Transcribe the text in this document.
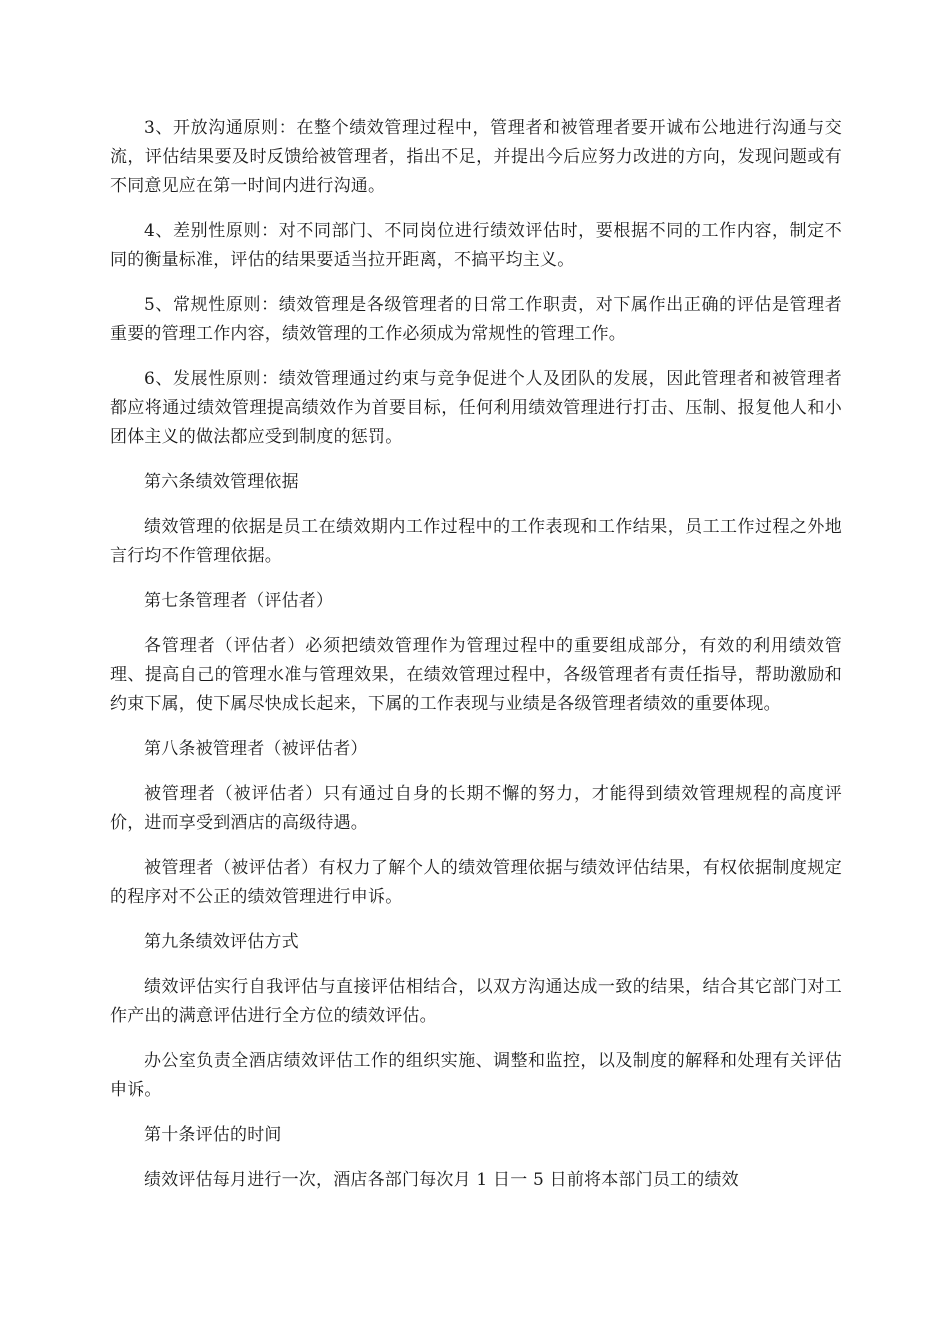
3、开放沟通原则：在整个绩效管理过程中，管理者和被管理者要开诚布公地进行沟通与交流，评估结果要及时反馈给被管理者，指出不足，并提出今后应努力改进的方向，发现问题或有不同意见应在第一时间内进行沟通。

4、差别性原则：对不同部门、不同岗位进行绩效评估时，要根据不同的工作内容，制定不同的衡量标准，评估的结果要适当拉开距离，不搞平均主义。

5、常规性原则：绩效管理是各级管理者的日常工作职责，对下属作出正确的评估是管理者重要的管理工作内容，绩效管理的工作必须成为常规性的管理工作。

6、发展性原则：绩效管理通过约束与竞争促进个人及团队的发展，因此管理者和被管理者都应将通过绩效管理提高绩效作为首要目标，任何利用绩效管理进行打击、压制、报复他人和小团体主义的做法都应受到制度的惩罚。

第六条绩效管理依据

绩效管理的依据是员工在绩效期内工作过程中的工作表现和工作结果，员工工作过程之外地言行均不作管理依据。

第七条管理者（评估者）

各管理者（评估者）必须把绩效管理作为管理过程中的重要组成部分，有效的利用绩效管理、提高自己的管理水准与管理效果，在绩效管理过程中，各级管理者有责任指导，帮助激励和约束下属，使下属尽快成长起来，下属的工作表现与业绩是各级管理者绩效的重要体现。

第八条被管理者（被评估者）

被管理者（被评估者）只有通过自身的长期不懈的努力，才能得到绩效管理规程的高度评价，进而享受到酒店的高级待遇。

被管理者（被评估者）有权力了解个人的绩效管理依据与绩效评估结果，有权依据制度规定的程序对不公正的绩效管理进行申诉。

第九条绩效评估方式

绩效评估实行自我评估与直接评估相结合，以双方沟通达成一致的结果，结合其它部门对工作产出的满意评估进行全方位的绩效评估。

办公室负责全酒店绩效评估工作的组织实施、调整和监控，以及制度的解释和处理有关评估申诉。

第十条评估的时间

绩效评估每月进行一次，酒店各部门每次月 1 日一 5 日前将本部门员工的绩效
